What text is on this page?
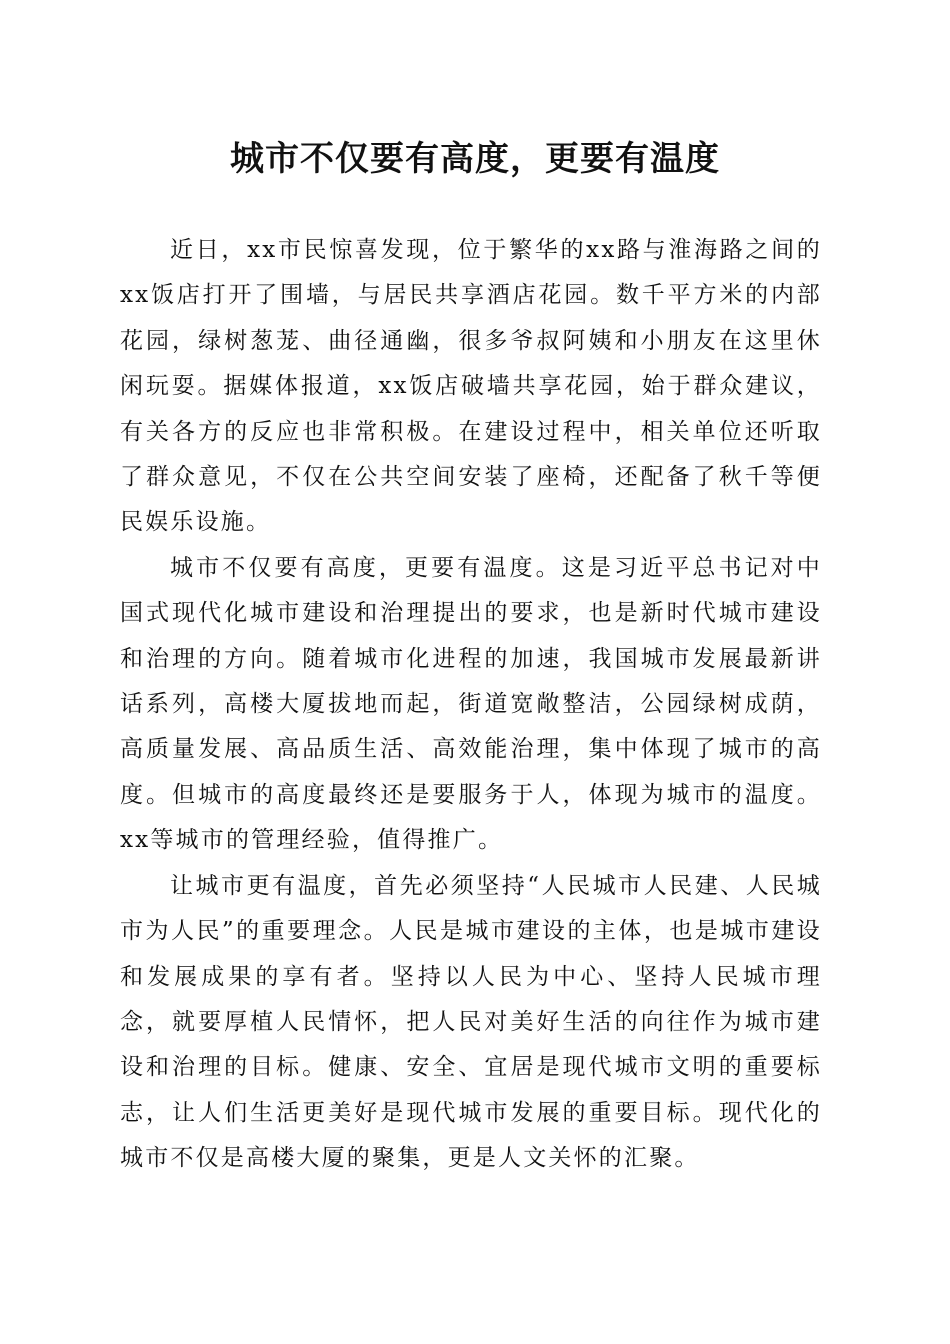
城市不仅要有高度，更要有温度

近日，xx市民惊喜发现，位于繁华的xx路与淮海路之间的xx饭店打开了围墙，与居民共享酒店花园。数千平方米的内部花园，绿树葱茏、曲径通幽，很多爷叔阿姨和小朋友在这里休闲玩耍。据媒体报道，xx饭店破墙共享花园，始于群众建议，有关各方的反应也非常积极。在建设过程中，相关单位还听取了群众意见，不仅在公共空间安装了座椅，还配备了秋千等便民娱乐设施。

城市不仅要有高度，更要有温度。这是习近平总书记对中国式现代化城市建设和治理提出的要求，也是新时代城市建设和治理的方向。随着城市化进程的加速，我国城市发展最新讲话系列，高楼大厦拔地而起，街道宽敞整洁，公园绿树成荫，高质量发展、高品质生活、高效能治理，集中体现了城市的高度。但城市的高度最终还是要服务于人，体现为城市的温度。xx等城市的管理经验，值得推广。

让城市更有温度，首先必须坚持“人民城市人民建、人民城市为人民”的重要理念。人民是城市建设的主体，也是城市建设和发展成果的享有者。坚持以人民为中心、坚持人民城市理念，就要厚植人民情怀，把人民对美好生活的向往作为城市建设和治理的目标。健康、安全、宜居是现代城市文明的重要标志，让人们生活更美好是现代城市发展的重要目标。现代化的城市不仅是高楼大厦的聚集，更是人文关怀的汇聚。
